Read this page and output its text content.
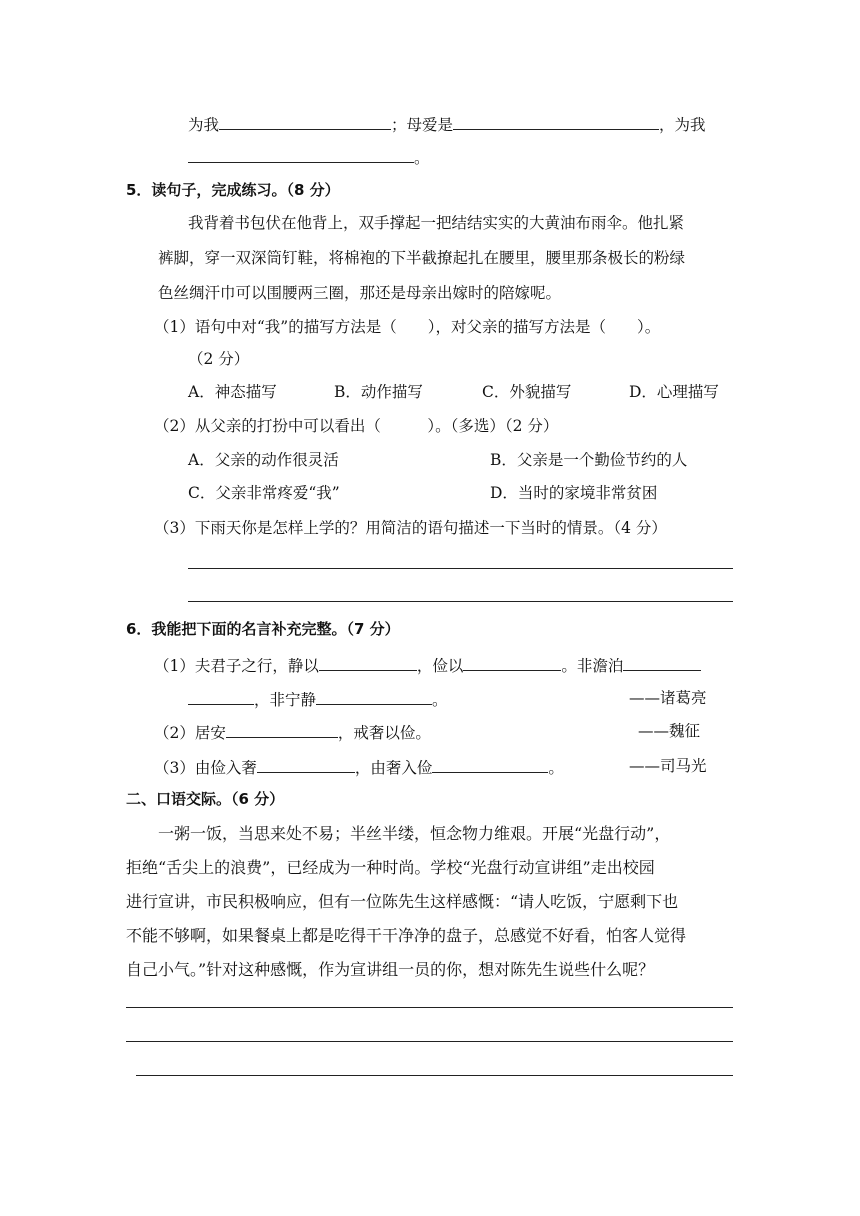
为我	；母爱是	，为我
。
5．读句子，完成练习。（8 分）
我背着书包伏在他背上，双手撑起一把结结实实的大黄油布雨伞。他扎紧
裤脚，穿一双深筒钉鞋，将棉袍的下半截撩起扎在腰里，腰里那条极长的粉绿
色丝绸汗巾可以围腰两三圈，那还是母亲出嫁时的陪嫁呢。
（1）语句中对“我”的描写方法是（　　），对父亲的描写方法是（　　）。
（2 分）
A．神态描写	B．动作描写	C．外貌描写	D．心理描写
（2）从父亲的打扮中可以看出（　　　）。（多选）（2 分）
A．父亲的动作很灵活	B．父亲是一个勤俭节约的人
C．父亲非常疼爱“我”	D．当时的家境非常贫困
（3）下雨天你是怎样上学的？用简洁的语句描述一下当时的情景。（4 分）
6．我能把下面的名言补充完整。（7 分）
（1）夫君子之行，静以	，俭以	。非澹泊
，非宁静	。	——诸葛亮
（2）居安	，戒奢以俭。	——魏征
（3）由俭入奢	，由奢入俭	。	——司马光
二、口语交际。（6 分）
一粥一饭，当思来处不易；半丝半缕，恒念物力维艰。开展“光盘行动”，
拒绝“舌尖上的浪费”，已经成为一种时尚。学校“光盘行动宣讲组”走出校园
进行宣讲，市民积极响应，但有一位陈先生这样感慨：“请人吃饭，宁愿剩下也
不能不够啊，如果餐桌上都是吃得干干净净的盘子，总感觉不好看，怕客人觉得
自己小气。”针对这种感慨，作为宣讲组一员的你，想对陈先生说些什么呢？
